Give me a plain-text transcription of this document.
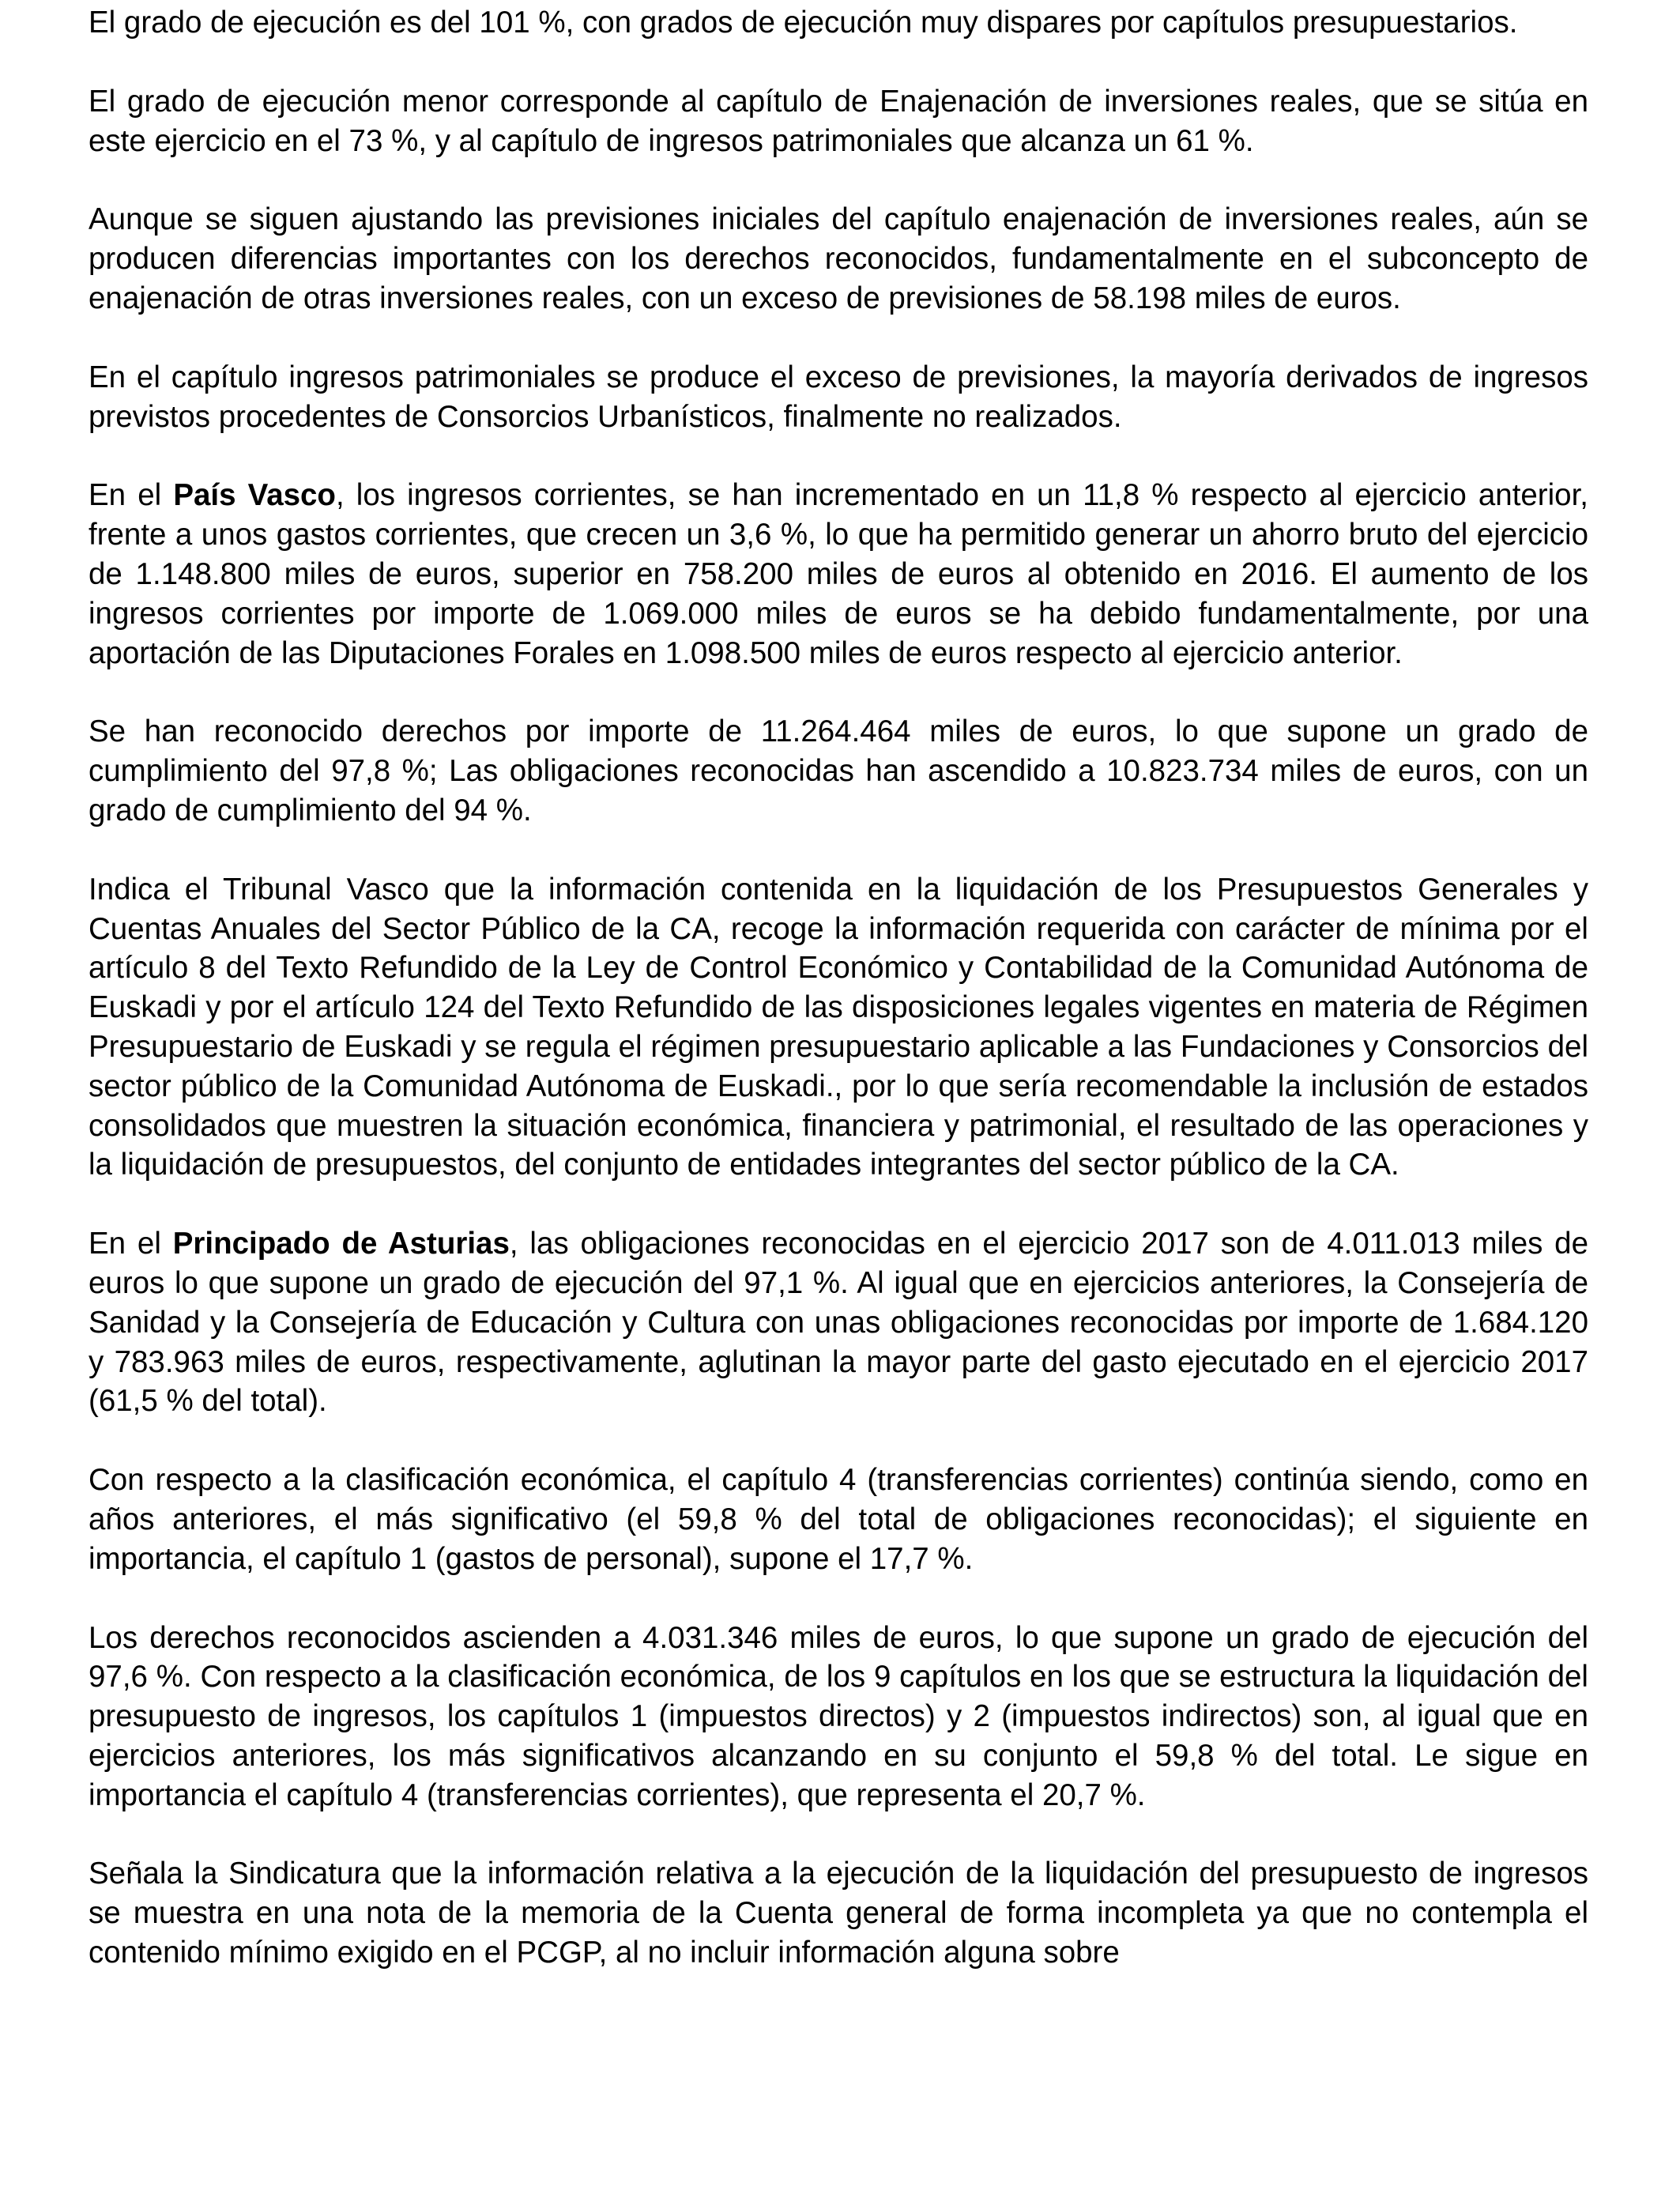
El grado de ejecución es del 101 %, con grados de ejecución muy dispares por capítulos presupuestarios.

El grado de ejecución menor corresponde al capítulo de Enajenación de inversiones reales, que se sitúa en este ejercicio en el 73 %, y al capítulo de ingresos patrimoniales que alcanza un 61 %.

Aunque se siguen ajustando las previsiones iniciales del capítulo enajenación de inversiones reales, aún se producen diferencias importantes con los derechos reconocidos, fundamentalmente en el subconcepto de enajenación de otras inversiones reales, con un exceso de previsiones de 58.198 miles de euros.

En el capítulo ingresos patrimoniales se produce el exceso de previsiones, la mayoría derivados de ingresos previstos procedentes de Consorcios Urbanísticos, finalmente no realizados.

En el País Vasco, los ingresos corrientes, se han incrementado en un 11,8 % respecto al ejercicio anterior, frente a unos gastos corrientes, que crecen un 3,6 %, lo que ha permitido generar un ahorro bruto del ejercicio de 1.148.800 miles de euros, superior en 758.200 miles de euros al obtenido en 2016. El aumento de los ingresos corrientes por importe de 1.069.000 miles de euros se ha debido fundamentalmente, por una aportación de las Diputaciones Forales en 1.098.500 miles de euros respecto al ejercicio anterior.

Se han reconocido derechos por importe de 11.264.464 miles de euros, lo que supone un grado de cumplimiento del 97,8 %; Las obligaciones reconocidas han ascendido a 10.823.734 miles de euros, con un grado de cumplimiento del 94 %.

Indica el Tribunal Vasco que la información contenida en la liquidación de los Presupuestos Generales y Cuentas Anuales del Sector Público de la CA, recoge la información requerida con carácter de mínima por el artículo 8 del Texto Refundido de la Ley de Control Económico y Contabilidad de la Comunidad Autónoma de Euskadi y por el artículo 124 del Texto Refundido de las disposiciones legales vigentes en materia de Régimen Presupuestario de Euskadi y se regula el régimen presupuestario aplicable a las Fundaciones y Consorcios del sector público de la Comunidad Autónoma de Euskadi., por lo que sería recomendable la inclusión de estados consolidados que muestren la situación económica, financiera y patrimonial, el resultado de las operaciones y la liquidación de presupuestos, del conjunto de entidades integrantes del sector público de la CA.

En el Principado de Asturias, las obligaciones reconocidas en el ejercicio 2017 son de 4.011.013 miles de euros lo que supone un grado de ejecución del 97,1 %. Al igual que en ejercicios anteriores, la Consejería de Sanidad y la Consejería de Educación y Cultura con unas obligaciones reconocidas por importe de 1.684.120 y 783.963 miles de euros, respectivamente, aglutinan la mayor parte del gasto ejecutado en el ejercicio 2017 (61,5 % del total).

Con respecto a la clasificación económica, el capítulo 4 (transferencias corrientes) continúa siendo, como en años anteriores, el más significativo (el 59,8 % del total de obligaciones reconocidas); el siguiente en importancia, el capítulo 1 (gastos de personal), supone el 17,7 %.

Los derechos reconocidos ascienden a 4.031.346 miles de euros, lo que supone un grado de ejecución del 97,6 %. Con respecto a la clasificación económica, de los 9 capítulos en los que se estructura la liquidación del presupuesto de ingresos, los capítulos 1 (impuestos directos) y 2 (impuestos indirectos) son, al igual que en ejercicios anteriores, los más significativos alcanzando en su conjunto el 59,8 % del total. Le sigue en importancia el capítulo 4 (transferencias corrientes), que representa el 20,7 %.

Señala la Sindicatura que la información relativa a la ejecución de la liquidación del presupuesto de ingresos se muestra en una nota de la memoria de la Cuenta general de forma incompleta ya que no contempla el contenido mínimo exigido en el PCGP, al no incluir información alguna sobre
